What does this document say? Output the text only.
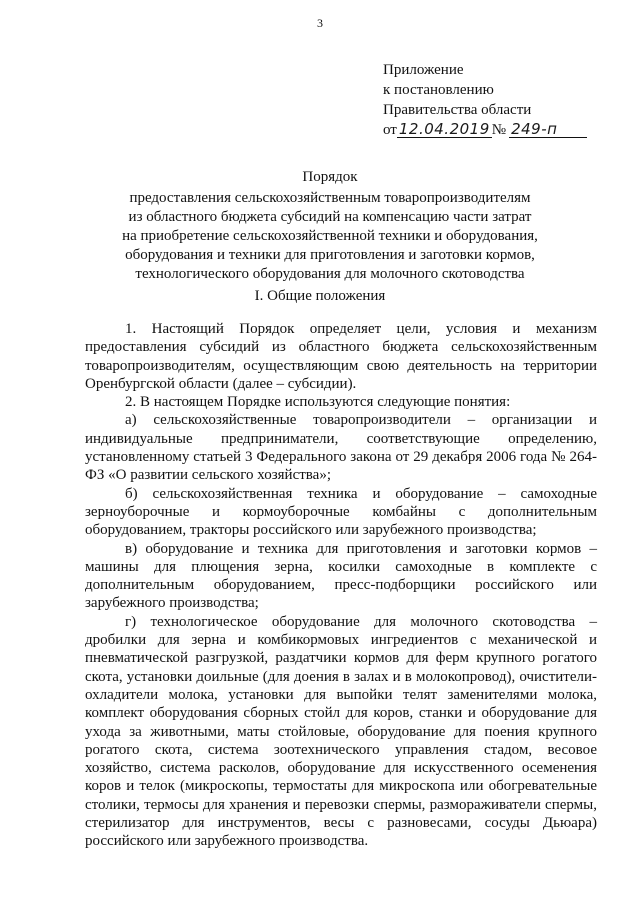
3
Приложение
к постановлению
Правительства области
от 12.04.2019 № 249-п
Порядок
предоставления сельскохозяйственным товаропроизводителям
из областного бюджета субсидий на компенсацию части затрат
на приобретение сельскохозяйственной техники и оборудования,
оборудования и техники для приготовления и заготовки кормов,
технологического оборудования для молочного скотоводства
I. Общие положения

1. Настоящий Порядок определяет цели, условия и механизм предоставления субсидий из областного бюджета сельскохозяйственным товаропроизводителям, осуществляющим свою деятельность на территории Оренбургской области (далее – субсидии).

2. В настоящем Порядке используются следующие понятия:

а) сельскохозяйственные товаропроизводители – организации и индивидуальные предприниматели, соответствующие определению, установленному статьей 3 Федерального закона от 29 декабря 2006 года № 264-ФЗ «О развитии сельского хозяйства»;

б) сельскохозяйственная техника и оборудование – самоходные зерноуборочные и кормоуборочные комбайны с дополнительным оборудованием, тракторы российского или зарубежного производства;

в) оборудование и техника для приготовления и заготовки кормов – машины для плющения зерна, косилки самоходные в комплекте с дополнительным оборудованием, пресс-подборщики российского или зарубежного производства;

г) технологическое оборудование для молочного скотоводства – дробилки для зерна и комбикормовых ингредиентов с механической и пневматической разгрузкой, раздатчики кормов для ферм крупного рогатого скота, установки доильные (для доения в залах и в молокопровод), очистители-охладители молока, установки для выпойки телят заменителями молока, комплект оборудования сборных стойл для коров, станки и оборудование для ухода за животными, маты стойловые, оборудование для поения крупного рогатого скота, система зоотехнического управления стадом, весовое хозяйство, система расколов, оборудование для искусственного осеменения коров и телок (микроскопы, термостаты для микроскопа или обогревательные столики, термосы для хранения и перевозки спермы, размораживатели спермы, стерилизатор для инструментов, весы с разновесами, сосуды Дьюара) российского или зарубежного производства.
